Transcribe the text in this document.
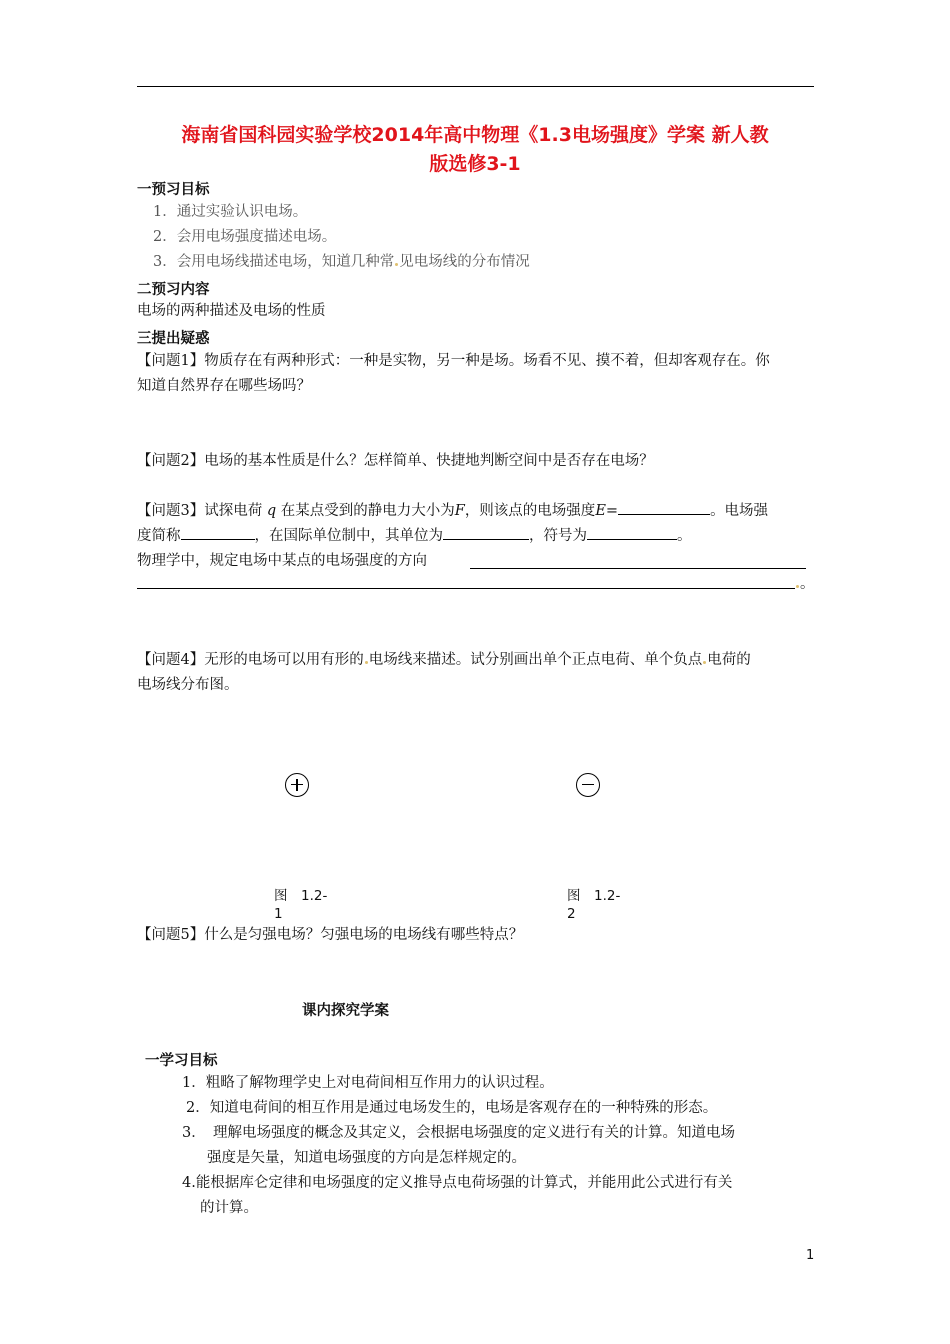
海南省国科园实验学校2014年高中物理《1.3电场强度》学案 新人教
版选修3-1
一预习目标
1．通过实验认识电场。
2．会用电场强度描述电场。
3．会用电场线描述电场，知道几种常 见电场线的分布情况
二预习内容
电场的两种描述及电场的性质
三提出疑惑
【问题1】物质存在有两种形式：一种是实物，另一种是场。场看不见、摸不着，但却客观存在。你
知道自然界存在哪些场吗？
【问题2】电场的基本性质是什么？怎样简单、快捷地判断空间中是否存在电场？
【问题3】试探电荷 q 在某点受到的静电力大小为F，则该点的电场强度E=	。电场强
度简称	，在国际单位制中，其单位为	，符号为	。
物理学中，规定电场中某点的电场强度的方向
。
【问题4】无形的电场可以用有形的 电场线来描述。试分别画出单个正点电荷、单个负点 电荷的
电场线分布图。
图　1.2-
1
图　1.2-
2
【问题5】什么是匀强电场？匀强电场的电场线有哪些特点？
课内探究学案
一学习目标
1．粗略了解物理学史上对电荷间相互作用力的认识过程。
2．知道电荷间的相互作用是通过电场发生的，电场是客观存在的一种特殊的形态。
3．　理解电场强度的概念及其定义，会根据电场强度的定义进行有关的计算。知道电场
强度是矢量，知道电场强度的方向是怎样规定的。
4.能根据库仑定律和电场强度的定义推导点电荷场强的计算式，并能用此公式进行有关
的计算。
1
